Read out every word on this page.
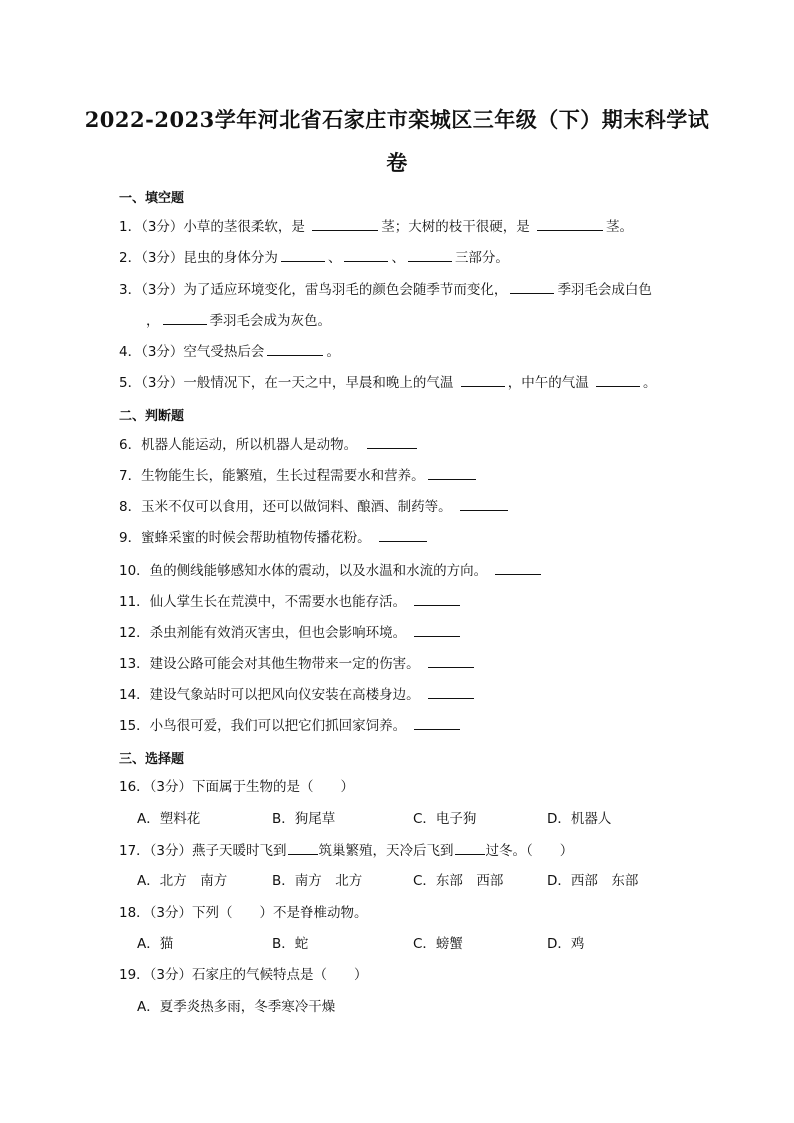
2022-2023学年河北省石家庄市栾城区三年级（下）期末科学试
卷
一、填空题
1．（3分）小草的茎很柔软，是	茎；大树的枝干很硬，是	茎。
2．（3分）昆虫的身体分为	、	、	三部分。
3．（3分）为了适应环境变化，雷鸟羽毛的颜色会随季节而变化，	季羽毛会成白色
，	季羽毛会成为灰色。
4．（3分）空气受热后会	。
5．（3分）一般情况下，在一天之中，早晨和晚上的气温	，中午的气温	。
二、判断题
6．机器人能运动，所以机器人是动物。
7．生物能生长，能繁殖，生长过程需要水和营养。
8．玉米不仅可以食用，还可以做饲料、酿酒、制药等。
9．蜜蜂采蜜的时候会帮助植物传播花粉。
10．鱼的侧线能够感知水体的震动，以及水温和水流的方向。
11．仙人掌生长在荒漠中，不需要水也能存活。
12．杀虫剂能有效消灭害虫，但也会影响环境。
13．建设公路可能会对其他生物带来一定的伤害。
14．建设气象站时可以把风向仪安装在高楼身边。
15．小鸟很可爱，我们可以把它们抓回家饲养。
三、选择题
16．（3分）下面属于生物的是（　　）
A．塑料花	B．狗尾草	C．电子狗	D．机器人
17．（3分）燕子天暖时飞到 筑巢繁殖，天冷后飞到 过冬。（　　）
A．北方　南方	B．南方　北方	C．东部　西部	D．西部　东部
18．（3分）下列（　　）不是脊椎动物。
A．猫	B．蛇	C．螃蟹	D．鸡
19．（3分）石家庄的气候特点是（　　）
A．夏季炎热多雨，冬季寒冷干燥
